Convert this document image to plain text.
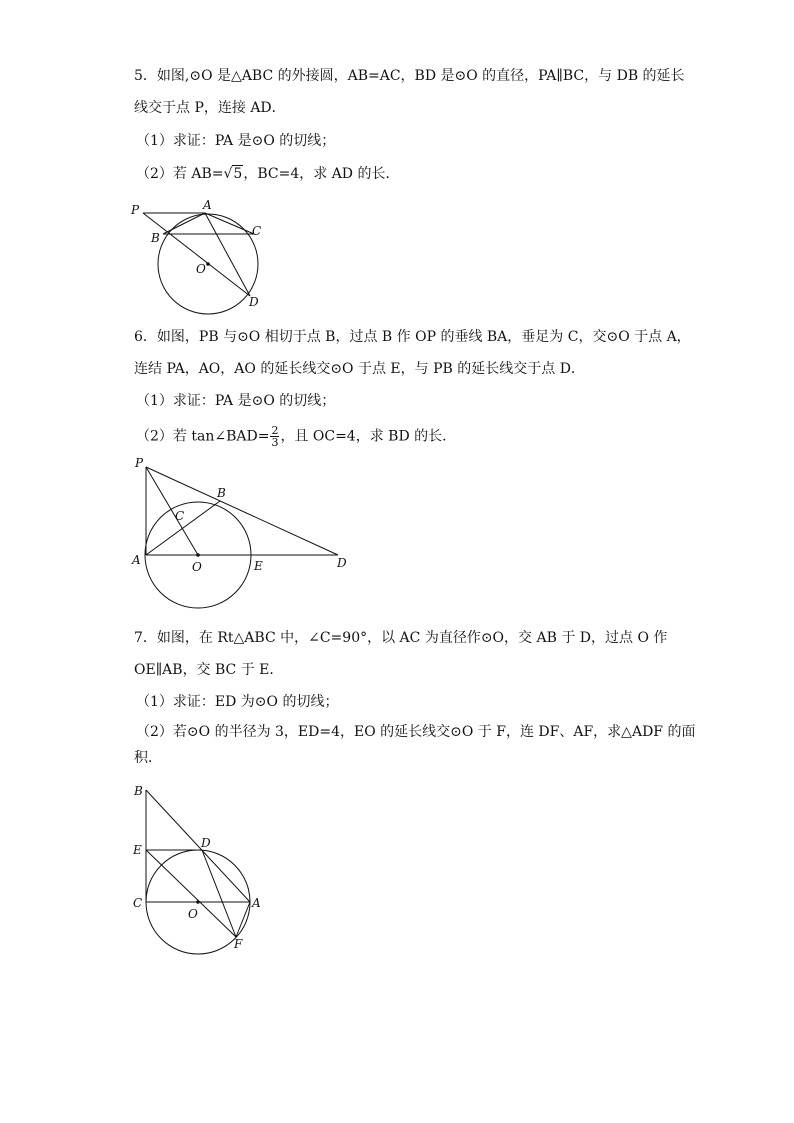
5．如图,⊙O 是△ABC 的外接圆，AB=AC，BD 是⊙O 的直径，PA∥BC，与 DB 的延长
线交于点 P，连接 AD．
（1）求证：PA 是⊙O 的切线；
（2）若 AB=√5，BC=4，求 AD 的长．
P	A
B	C
O
D
6．如图，PB 与⊙O 相切于点 B，过点 B 作 OP 的垂线 BA，垂足为 C，交⊙O 于点 A，
连结 PA，AO，AO 的延长线交⊙O 于点 E，与 PB 的延长线交于点 D．
（1）求证：PA 是⊙O 的切线；
（2）若 tan∠BAD= $\frac{2}{3}$ ，且 OC=4，求 BD 的长．
P
B
C
A	O	E	D
7．如图，在 Rt△ABC 中，∠C=90°，以 AC 为直径作⊙O，交 AB 于 D，过点 O 作
OE∥AB，交 BC 于 E．
（1）求证：ED 为⊙O 的切线；
（2）若⊙O 的半径为 3，ED=4，EO 的延长线交⊙O 于 F，连 DF、AF，求△ADF 的面
积．
B
E	D
C
O
A
F
